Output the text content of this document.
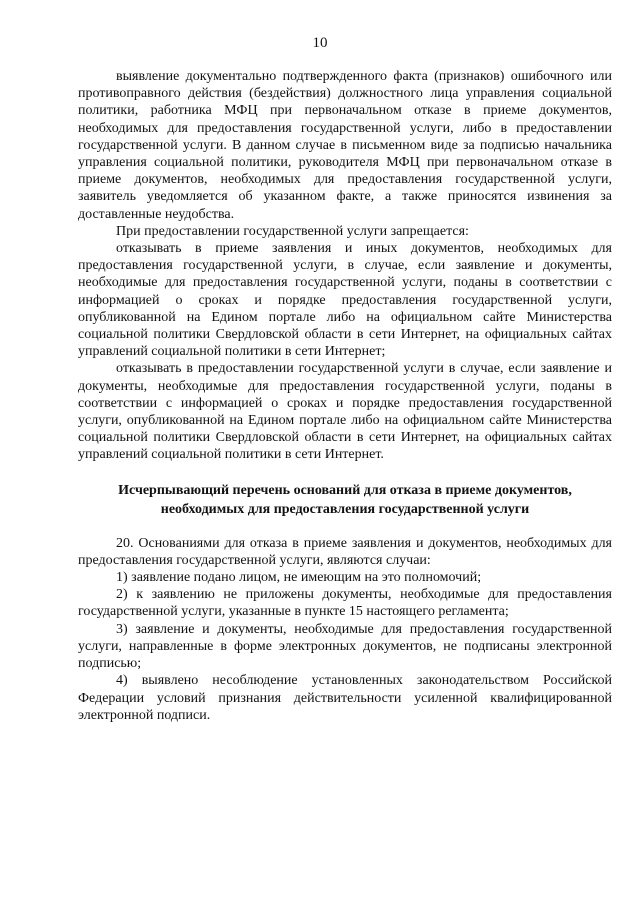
10

выявление документально подтвержденного факта (признаков) ошибочного или противоправного действия (бездействия) должностного лица управления социальной политики, работника МФЦ при первоначальном отказе в приеме документов, необходимых для предоставления государственной услуги, либо в предоставлении государственной услуги. В данном случае в письменном виде за подписью начальника управления социальной политики, руководителя МФЦ при первоначальном отказе в приеме документов, необходимых для предоставления государственной услуги, заявитель уведомляется об указанном факте, а также приносятся извинения за доставленные неудобства.

При предоставлении государственной услуги запрещается:

отказывать в приеме заявления и иных документов, необходимых для предоставления государственной услуги, в случае, если заявление и документы, необходимые для предоставления государственной услуги, поданы в соответствии с информацией о сроках и порядке предоставления государственной услуги, опубликованной на Едином портале либо на официальном сайте Министерства социальной политики Свердловской области в сети Интернет, на официальных сайтах управлений социальной политики в сети Интернет;

отказывать в предоставлении государственной услуги в случае, если заявление и документы, необходимые для предоставления государственной услуги, поданы в соответствии с информацией о сроках и порядке предоставления государственной услуги, опубликованной на Едином портале либо на официальном сайте Министерства социальной политики Свердловской области в сети Интернет, на официальных сайтах управлений социальной политики в сети Интернет.

Исчерпывающий перечень оснований для отказа в приеме документов,

необходимых для предоставления государственной услуги

20. Основаниями для отказа в приеме заявления и документов, необходимых для предоставления государственной услуги, являются случаи:

1) заявление подано лицом, не имеющим на это полномочий;

2) к заявлению не приложены документы, необходимые для предоставления государственной услуги, указанные в пункте 15 настоящего регламента;

3) заявление и документы, необходимые для предоставления государственной услуги, направленные в форме электронных документов, не подписаны электронной подписью;

4) выявлено несоблюдение установленных законодательством Российской Федерации условий признания действительности усиленной квалифицированной электронной подписи.
